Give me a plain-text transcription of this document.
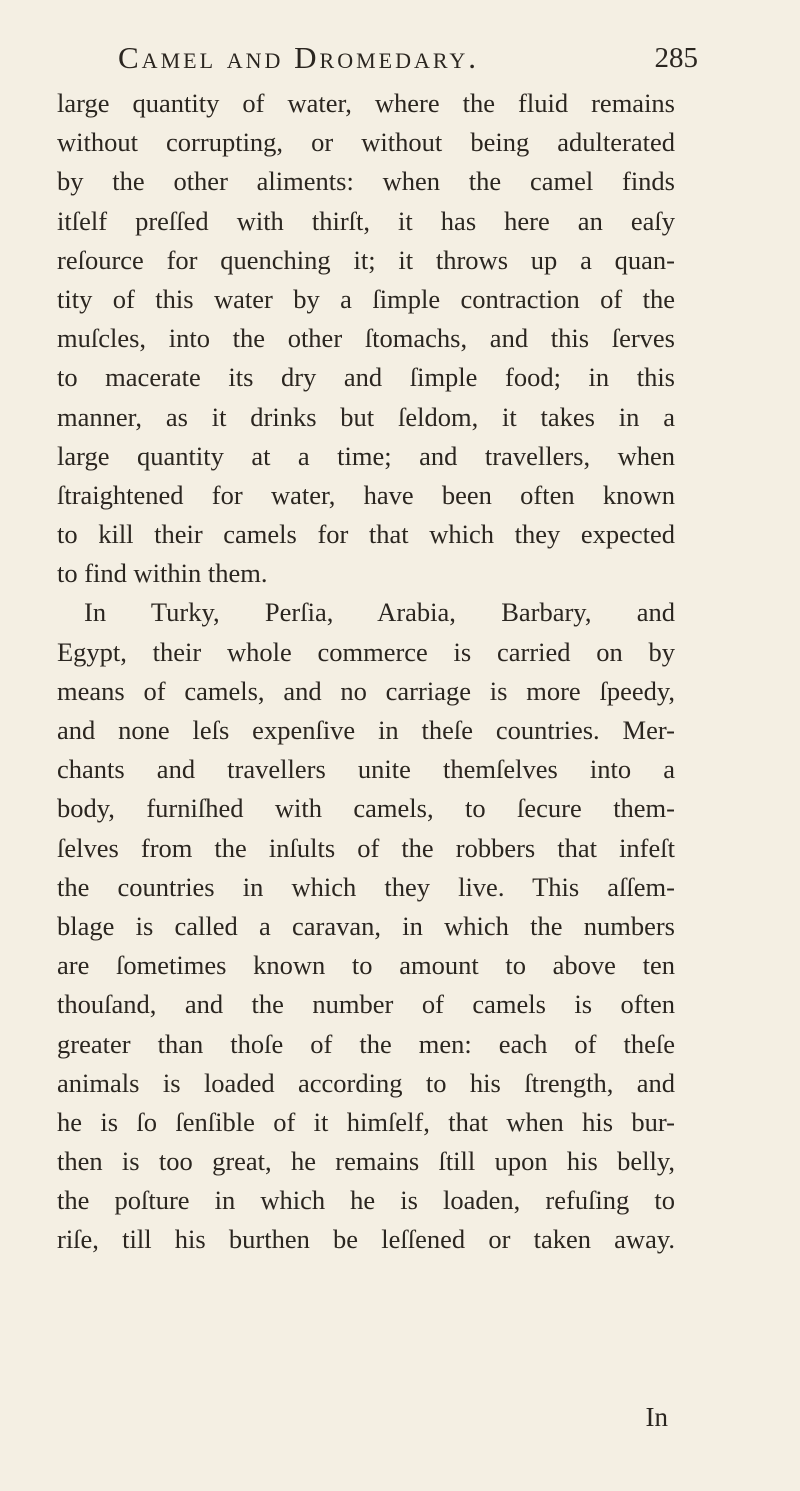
Camel and Dromedary.	285
large quantity of water, where the fluid remains
without corrupting, or without being adulterated
by the other aliments: when the camel finds
itſelf preſſed with thirſt, it has here an eaſy
reſource for quenching it; it throws up a quan-
tity of this water by a ſimple contraction of the
muſcles, into the other ſtomachs, and this ſerves
to macerate its dry and ſimple food; in this
manner, as it drinks but ſeldom, it takes in a
large quantity at a time; and travellers, when
ſtraightened for water, have been often known
to kill their camels for that which they expected
to find within them.
In Turky, Perſia, Arabia, Barbary, and
Egypt, their whole commerce is carried on by
means of camels, and no carriage is more ſpeedy,
and none leſs expenſive in theſe countries. Mer-
chants and travellers unite themſelves into a
body, furniſhed with camels, to ſecure them-
ſelves from the inſults of the robbers that infeſt
the countries in which they live. This aſſem-
blage is called a caravan, in which the numbers
are ſometimes known to amount to above ten
thouſand, and the number of camels is often
greater than thoſe of the men: each of theſe
animals is loaded according to his ſtrength, and
he is ſo ſenſible of it himſelf, that when his bur-
then is too great, he remains ſtill upon his belly,
the poſture in which he is loaden, refuſing to
riſe, till his burthen be leſſened or taken away.
In
